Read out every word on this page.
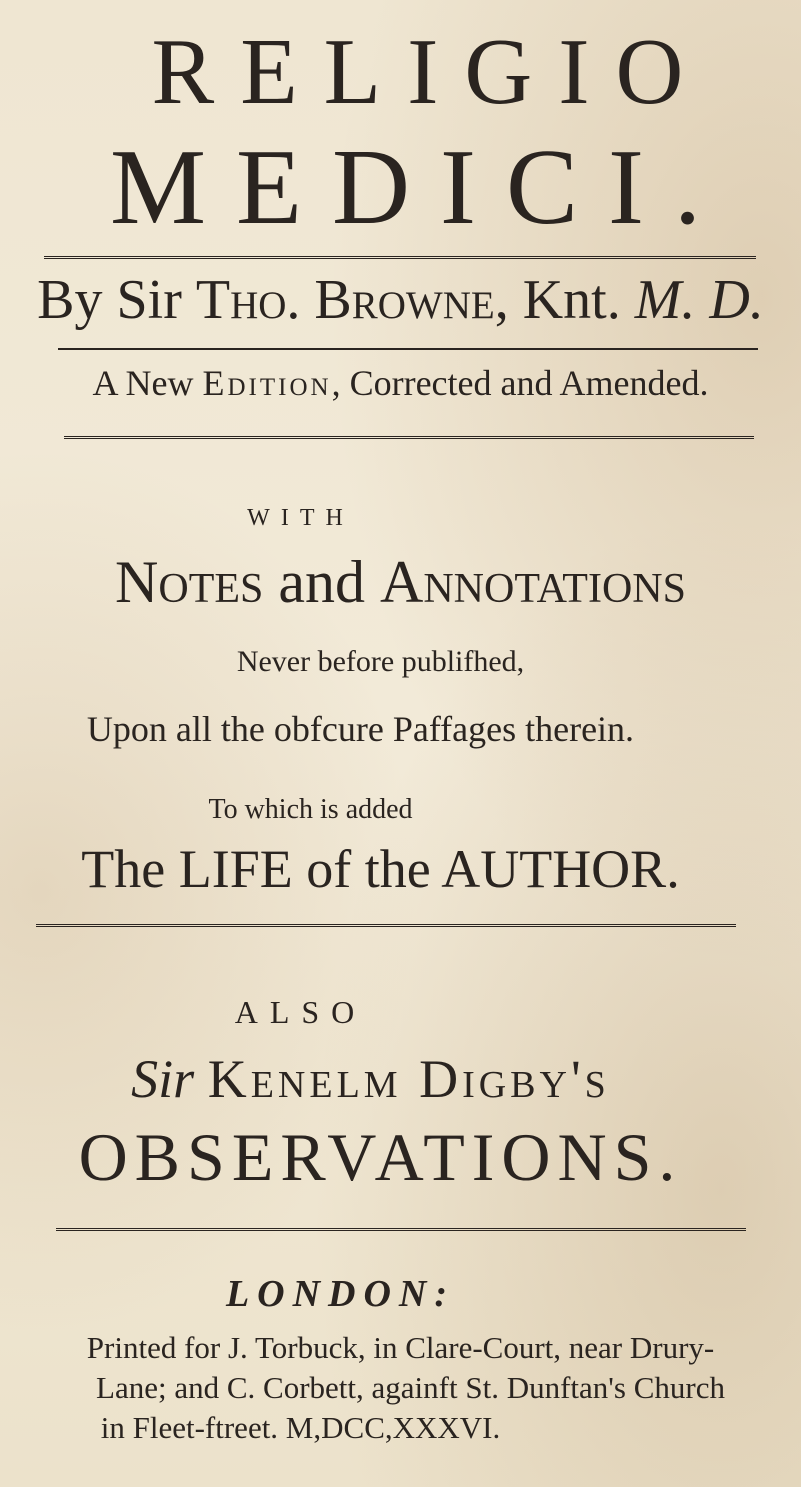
RELIGIO
MEDICI.
By Sir Tho. Browne, Knt. M. D.
A New Edition, Corrected and Amended.
WITH
Notes and Annotations
Never before publifhed,
Upon all the obfcure Paffages therein.
To which is added
The LIFE of the AUTHOR.
ALSO
Sir Kenelm Digby's
OBSERVATIONS.
LONDON:
Printed for J. Torbuck, in Clare-Court, near Drury-
Lane; and C. Corbett, againft St. Dunftan's Church
in Fleet-ftreet. M,DCC,XXXVI.
